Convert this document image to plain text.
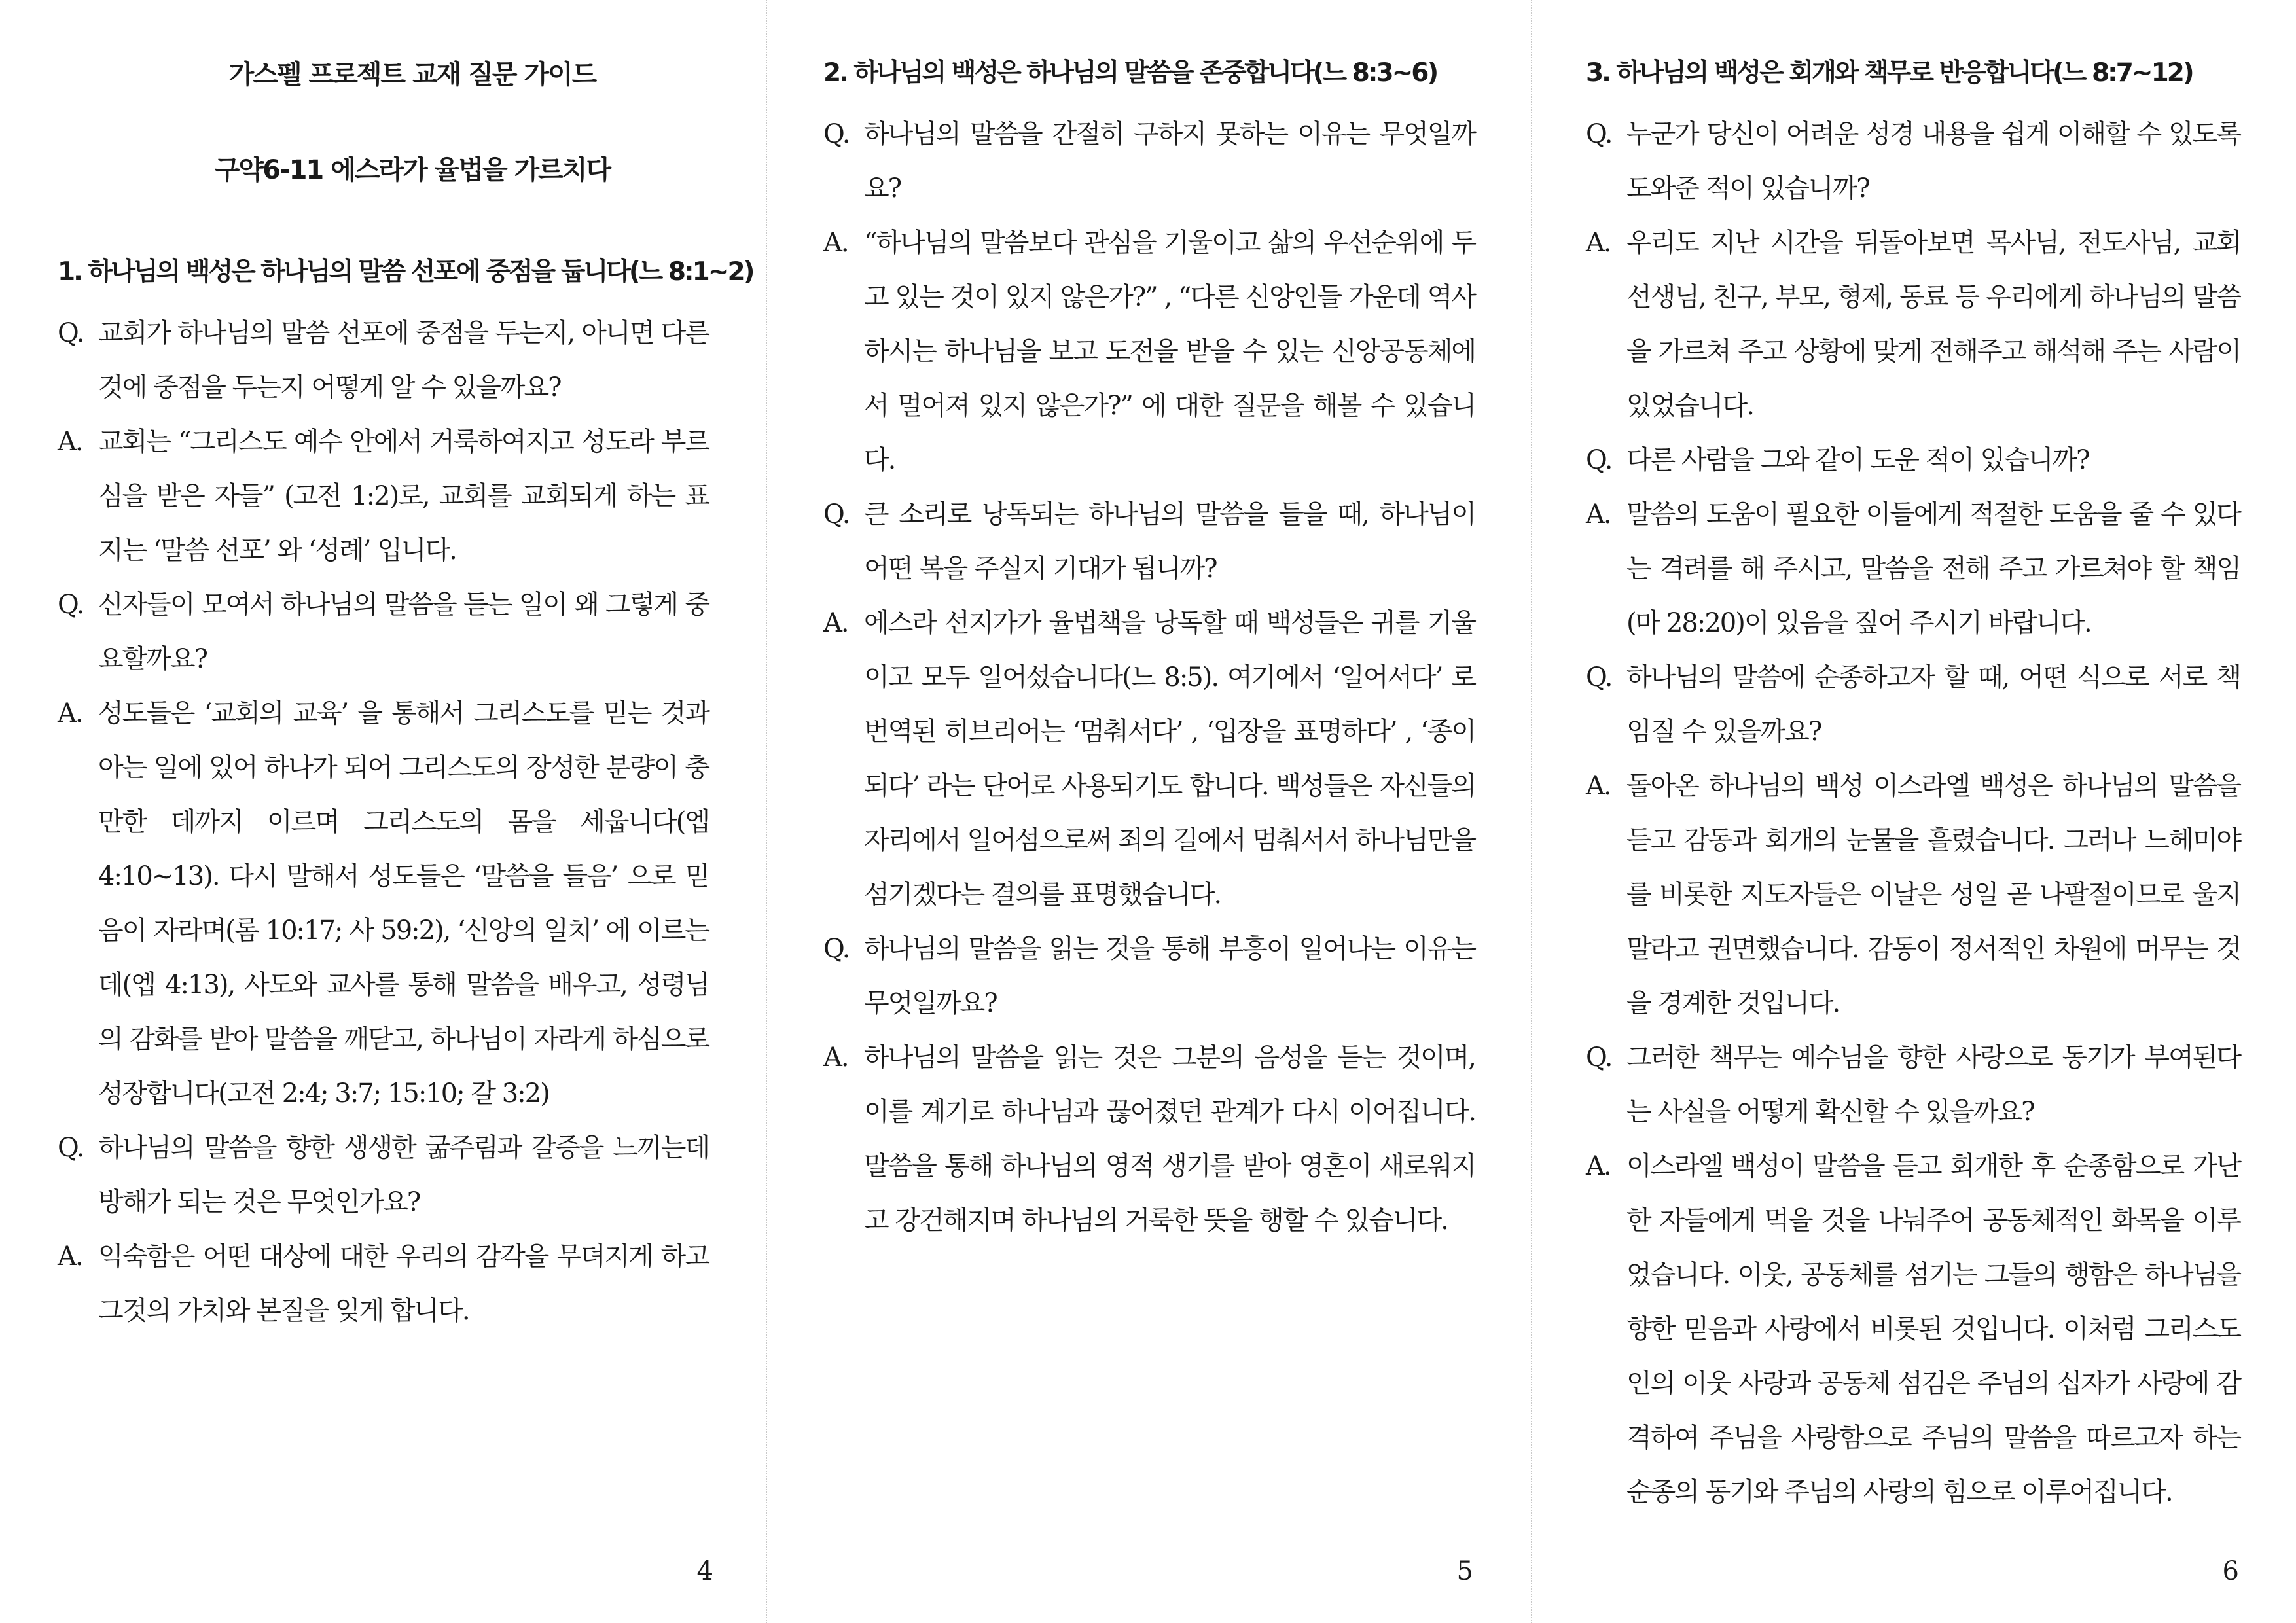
가스펠 프로젝트 교재 질문 가이드
구약6-11 에스라가 율법을 가르치다
1. 하나님의 백성은 하나님의 말씀 선포에 중점을 둡니다(느 8:1~2)
Q. 교회가 하나님의 말씀 선포에 중점을 두는지, 아니면 다른 것에 중점을 두는지 어떻게 알 수 있을까요?
A. 교회는 “그리스도 예수 안에서 거룩하여지고 성도라 부르심을 받은 자들” (고전 1:2)로, 교회를 교회되게 하는 표지는 ‘말씀 선포’ 와 ‘성례’ 입니다.
Q. 신자들이 모여서 하나님의 말씀을 듣는 일이 왜 그렇게 중요할까요?
A. 성도들은 ‘교회의 교육’ 을 통해서 그리스도를 믿는 것과 아는 일에 있어 하나가 되어 그리스도의 장성한 분량이 충만한 데까지 이르며 그리스도의 몸을 세웁니다(엡 4:10~13). 다시 말해서 성도들은 ‘말씀을 들음’ 으로 믿음이 자라며(롬 10:17; 사 59:2), ‘신앙의 일치’ 에 이르는데(엡 4:13), 사도와 교사를 통해 말씀을 배우고, 성령님의 감화를 받아 말씀을 깨닫고, 하나님이 자라게 하심으로 성장합니다(고전 2:4; 3:7; 15:10; 갈 3:2)
Q. 하나님의 말씀을 향한 생생한 굶주림과 갈증을 느끼는데 방해가 되는 것은 무엇인가요?
A. 익숙함은 어떤 대상에 대한 우리의 감각을 무뎌지게 하고 그것의 가치와 본질을 잊게 합니다.
4
2. 하나님의 백성은 하나님의 말씀을 존중합니다(느 8:3~6)
Q. 하나님의 말씀을 간절히 구하지 못하는 이유는 무엇일까요?
A. “하나님의 말씀보다 관심을 기울이고 삶의 우선순위에 두고 있는 것이 있지 않은가?” , “다른 신앙인들 가운데 역사하시는 하나님을 보고 도전을 받을 수 있는 신앙공동체에서 멀어져 있지 않은가?” 에 대한 질문을 해볼 수 있습니다.
Q. 큰 소리로 낭독되는 하나님의 말씀을 들을 때, 하나님이 어떤 복을 주실지 기대가 됩니까?
A. 에스라 선지가가 율법책을 낭독할 때 백성들은 귀를 기울이고 모두 일어섰습니다(느 8:5). 여기에서 ‘일어서다’ 로 번역된 히브리어는 ‘멈춰서다’ , ‘입장을 표명하다’ , ‘종이 되다’ 라는 단어로 사용되기도 합니다. 백성들은 자신들의 자리에서 일어섬으로써 죄의 길에서 멈춰서서 하나님만을 섬기겠다는 결의를 표명했습니다.
Q. 하나님의 말씀을 읽는 것을 통해 부흥이 일어나는 이유는 무엇일까요?
A. 하나님의 말씀을 읽는 것은 그분의 음성을 듣는 것이며, 이를 계기로 하나님과 끊어졌던 관계가 다시 이어집니다. 말씀을 통해 하나님의 영적 생기를 받아 영혼이 새로워지고 강건해지며 하나님의 거룩한 뜻을 행할 수 있습니다.
5
3. 하나님의 백성은 회개와 책무로 반응합니다(느 8:7~12)
Q. 누군가 당신이 어려운 성경 내용을 쉽게 이해할 수 있도록 도와준 적이 있습니까?
A. 우리도 지난 시간을 뒤돌아보면 목사님, 전도사님, 교회 선생님, 친구, 부모, 형제, 동료 등 우리에게 하나님의 말씀을 가르쳐 주고 상황에 맞게 전해주고 해석해 주는 사람이 있었습니다.
Q. 다른 사람을 그와 같이 도운 적이 있습니까?
A. 말씀의 도움이 필요한 이들에게 적절한 도움을 줄 수 있다는 격려를 해 주시고, 말씀을 전해 주고 가르쳐야 할 책임(마 28:20)이 있음을 짚어 주시기 바랍니다.
Q. 하나님의 말씀에 순종하고자 할 때, 어떤 식으로 서로 책임질 수 있을까요?
A. 돌아온 하나님의 백성 이스라엘 백성은 하나님의 말씀을 듣고 감동과 회개의 눈물을 흘렸습니다. 그러나 느헤미야를 비롯한 지도자들은 이날은 성일 곧 나팔절이므로 울지 말라고 권면했습니다. 감동이 정서적인 차원에 머무는 것을 경계한 것입니다.
Q. 그러한 책무는 예수님을 향한 사랑으로 동기가 부여된다는 사실을 어떻게 확신할 수 있을까요?
A. 이스라엘 백성이 말씀을 듣고 회개한 후 순종함으로 가난한 자들에게 먹을 것을 나눠주어 공동체적인 화목을 이루었습니다. 이웃, 공동체를 섬기는 그들의 행함은 하나님을 향한 믿음과 사랑에서 비롯된 것입니다. 이처럼 그리스도인의 이웃 사랑과 공동체 섬김은 주님의 십자가 사랑에 감격하여 주님을 사랑함으로 주님의 말씀을 따르고자 하는순종의 동기와 주님의 사랑의 힘으로 이루어집니다.
6
